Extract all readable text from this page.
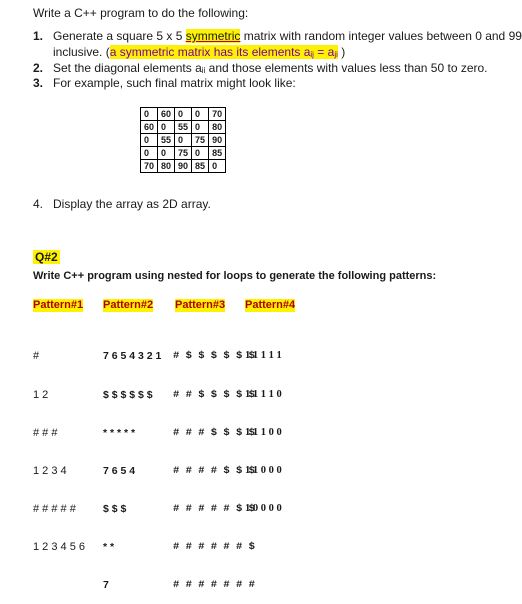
Write a C++ program to do the following:
1. Generate a square 5 x 5 symmetric matrix with random integer values between 0 and 99
inclusive. (a symmetric matrix has its elements aij = aji )
2. Set the diagonal elements aii and those elements with values less than 50 to zero.
3. For example, such final matrix might look like:
0	60	0	0	70
60	0	55	0	80
0	55	0	75	90
0	0	75	0	85
70	80	90	85	0
4. Display the array as 2D array.
Q#2
Write C++ program using nested for loops to generate the following patterns:
Pattern#1 Pattern#2 Pattern#3 Pattern#4

#

1 2

# # #

1 2 3 4

# # # # #

1 2 3 4 5 6

7 6 5 4 3 2 1

$ $ $ $ $ $

* * * * *

7 6 5 4

$ $ $

* *

7

# $ $ $ $ $ $

# # $ $ $ $ $

# # # $ $ $ $

# # # # $ $ $

# # # # # $ $

# # # # # # $

# # # # # # #

1 1 1 1 1

1 1 1 1 0

1 1 1 0 0

1 1 0 0 0

1 0 0 0 0
